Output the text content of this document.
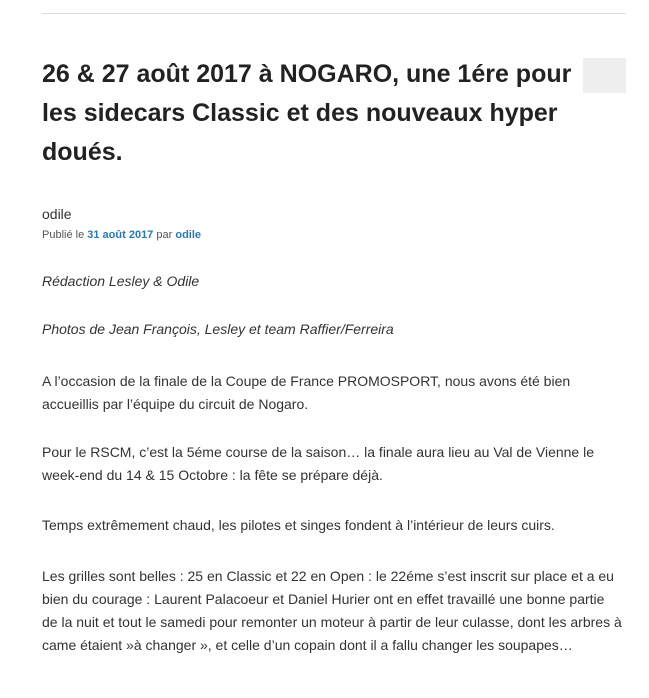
26 & 27 août 2017 à NOGARO, une 1ére pour les sidecars Classic et des nouveaux hyper doués.
odile
Publié le 31 août 2017 par odile

Rédaction Lesley & Odile

Photos de Jean François, Lesley et team Raffier/Ferreira

A l’occasion de la finale de la Coupe de France PROMOSPORT, nous avons été bien accueillis par l’équipe du circuit de Nogaro.

Pour le RSCM, c’est la 5éme course de la saison… la finale aura lieu au Val de Vienne le week-end du 14 & 15 Octobre : la fête se prépare déjà.

Temps extrêmement chaud, les pilotes et singes fondent à l’intérieur de leurs cuirs.

Les grilles sont belles : 25 en Classic et 22 en Open : le 22éme s’est inscrit sur place et a eu bien du courage : Laurent Palacoeur et Daniel Hurier ont en effet travaillé une bonne partie de la nuit et tout le samedi pour remonter un moteur à partir de leur culasse, dont les arbres à came étaient »à changer », et celle d’un copain dont il a fallu changer les soupapes…
